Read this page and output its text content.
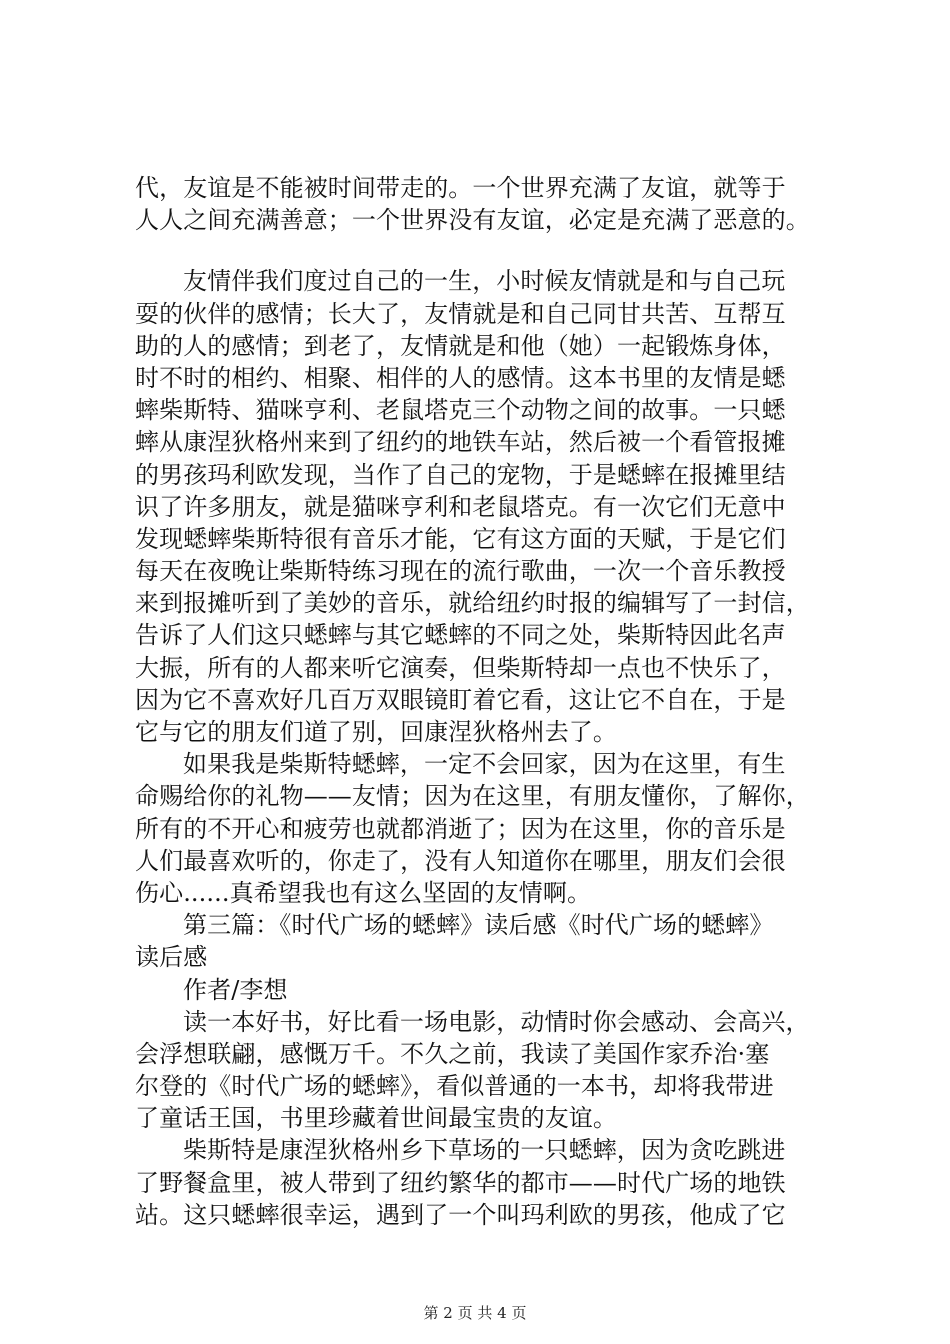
代，友谊是不能被时间带走的。一个世界充满了友谊，就等于
人人之间充满善意；一个世界没有友谊，必定是充满了恶意的。
友情伴我们度过自己的一生，小时候友情就是和与自己玩
耍的伙伴的感情；长大了，友情就是和自己同甘共苦、互帮互
助的人的感情；到老了，友情就是和他（她）一起锻炼身体，
时不时的相约、相聚、相伴的人的感情。这本书里的友情是蟋
蟀柴斯特、猫咪亨利、老鼠塔克三个动物之间的故事。一只蟋
蟀从康涅狄格州来到了纽约的地铁车站，然后被一个看管报摊
的男孩玛利欧发现，当作了自己的宠物，于是蟋蟀在报摊里结
识了许多朋友，就是猫咪亨利和老鼠塔克。有一次它们无意中
发现蟋蟀柴斯特很有音乐才能，它有这方面的天赋，于是它们
每天在夜晚让柴斯特练习现在的流行歌曲，一次一个音乐教授
来到报摊听到了美妙的音乐，就给纽约时报的编辑写了一封信，
告诉了人们这只蟋蟀与其它蟋蟀的不同之处，柴斯特因此名声
大振，所有的人都来听它演奏，但柴斯特却一点也不快乐了，
因为它不喜欢好几百万双眼镜盯着它看，这让它不自在，于是
它与它的朋友们道了别，回康涅狄格州去了。
如果我是柴斯特蟋蟀，一定不会回家，因为在这里，有生
命赐给你的礼物——友情；因为在这里，有朋友懂你，了解你，
所有的不开心和疲劳也就都消逝了；因为在这里，你的音乐是
人们最喜欢听的，你走了，没有人知道你在哪里，朋友们会很
伤心......真希望我也有这么坚固的友情啊。
第三篇：《时代广场的蟋蟀》读后感《时代广场的蟋蟀》
读后感
作者/李想
读一本好书，好比看一场电影，动情时你会感动、会高兴，
会浮想联翩，感慨万千。不久之前，我读了美国作家乔治·塞
尔登的《时代广场的蟋蟀》，看似普通的一本书，却将我带进
了童话王国，书里珍藏着世间最宝贵的友谊。
柴斯特是康涅狄格州乡下草场的一只蟋蟀，因为贪吃跳进
了野餐盒里，被人带到了纽约繁华的都市——时代广场的地铁
站。这只蟋蟀很幸运，遇到了一个叫玛利欧的男孩，他成了它
第 2 页 共 4 页
